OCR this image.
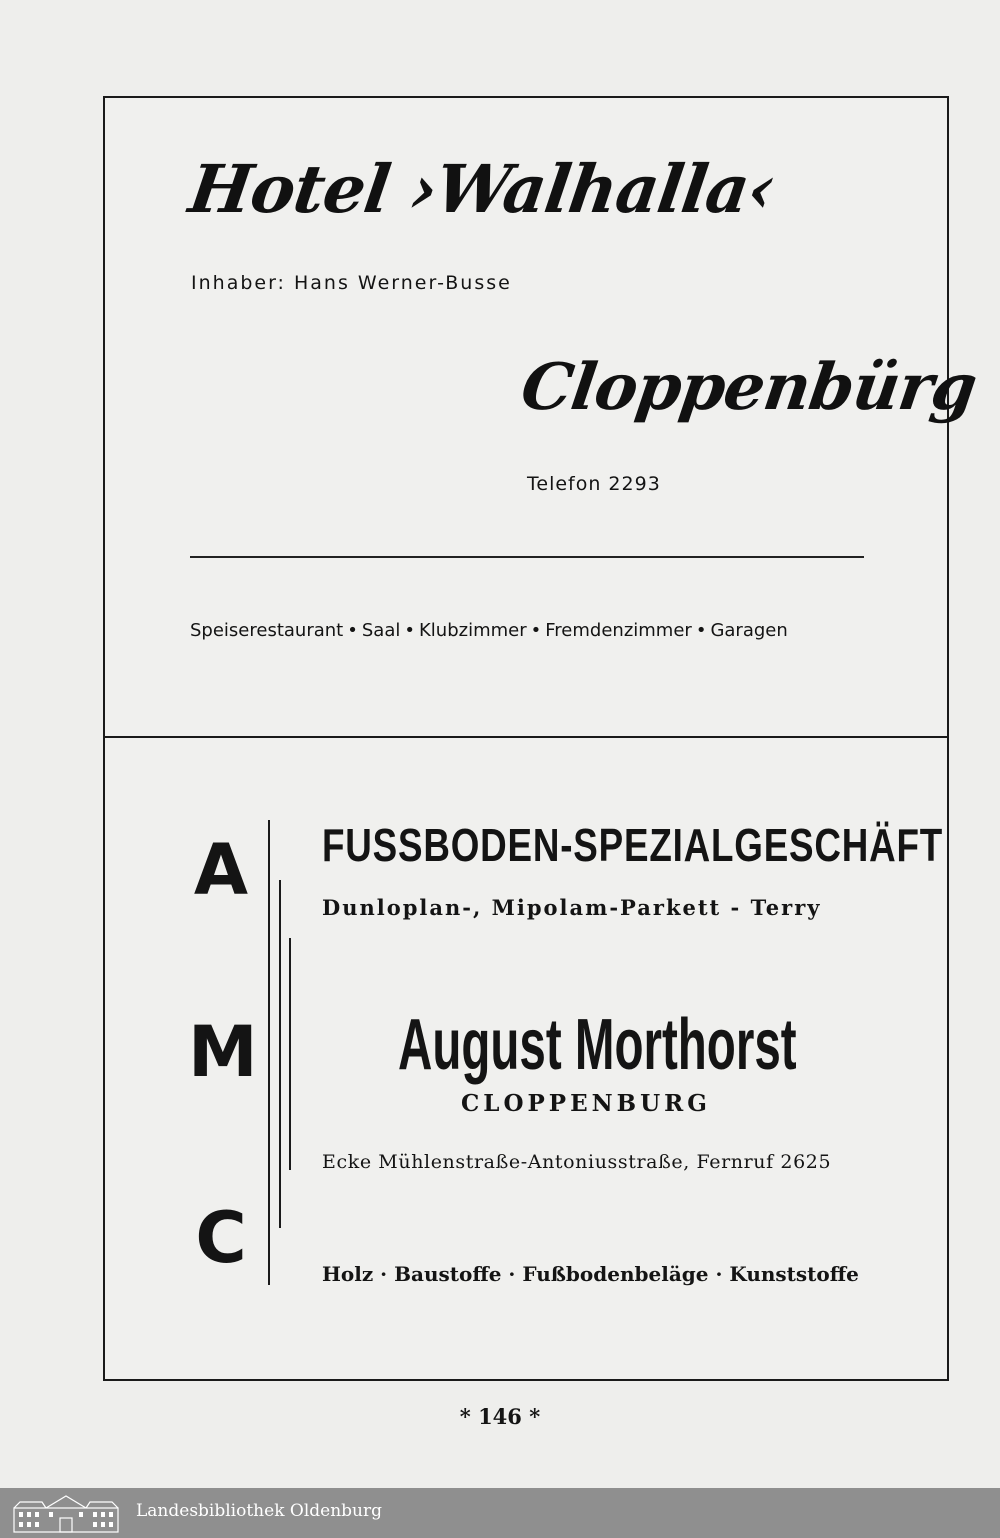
Hotel ›Walhalla‹
Inhaber: Hans Werner-Busse
Cloppenbürg
Telefon 2293
Speiserestaurant • Saal • Klubzimmer • Fremdenzimmer • Garagen
A
M
C
FUSSBODEN-SPEZIALGESCHÄFT
Dunloplan-, Mipolam-Parkett - Terry
August Morthorst
CLOPPENBURG
Ecke Mühlenstraße-Antoniusstraße, Fernruf 2625
Holz · Baustoffe · Fußbodenbeläge · Kunststoffe
* 146 *
Landesbibliothek Oldenburg
